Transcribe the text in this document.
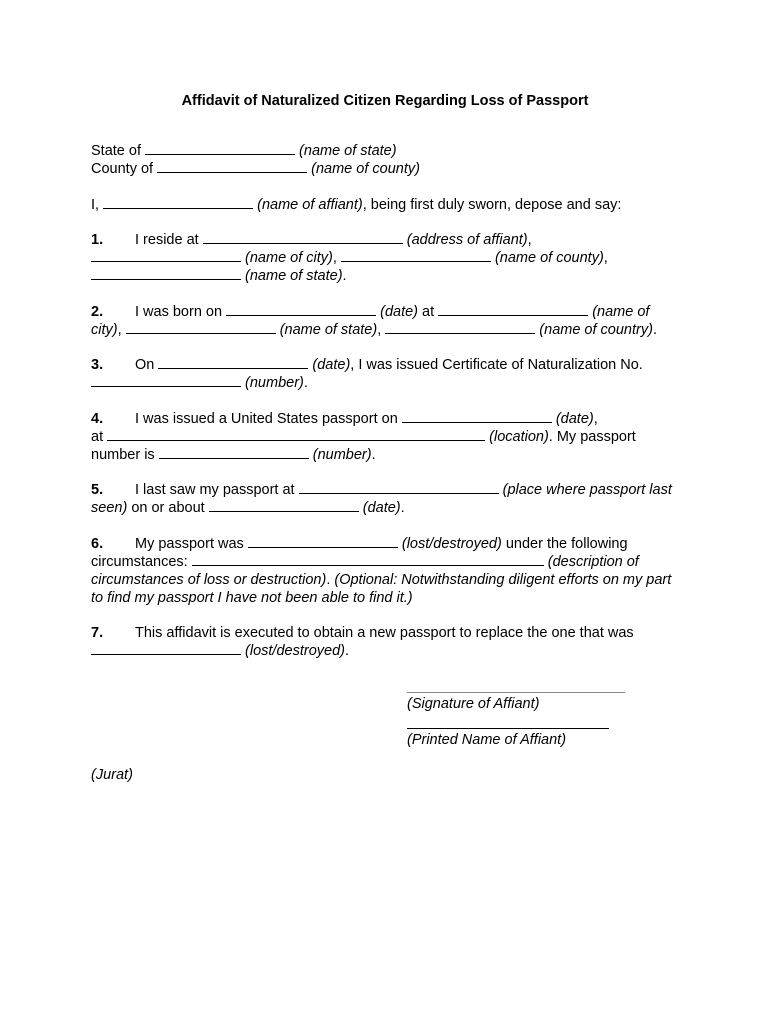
Affidavit of Naturalized Citizen Regarding Loss of Passport

State of	(name of state)
County of	(name of county)

I,	(name of affiant), being first duly sworn, depose and say:

1. I reside at	(address of affiant),
(name of city),	(name of county),  (name of state).

2. I was born on	(date) at	(name of city),	(name of state),	(name of country).

3. On	(date), I was issued Certificate of Naturalization No.  (number).

4. I was issued a United States passport on	(date),
at	(location). My passport number is	(number).

5. I last saw my passport at	(place where passport last seen) on or about	(date).

6. My passport was	(lost/destroyed) under the following circumstances:	(description of circumstances of loss or destruction). (Optional: Notwithstanding diligent efforts on my part to find my passport I have not been able to find it.)

7. This affidavit is executed to obtain a new passport to replace the one that was  (lost/destroyed).

(Signature of Affiant)
(Printed Name of Affiant)
(Jurat)
